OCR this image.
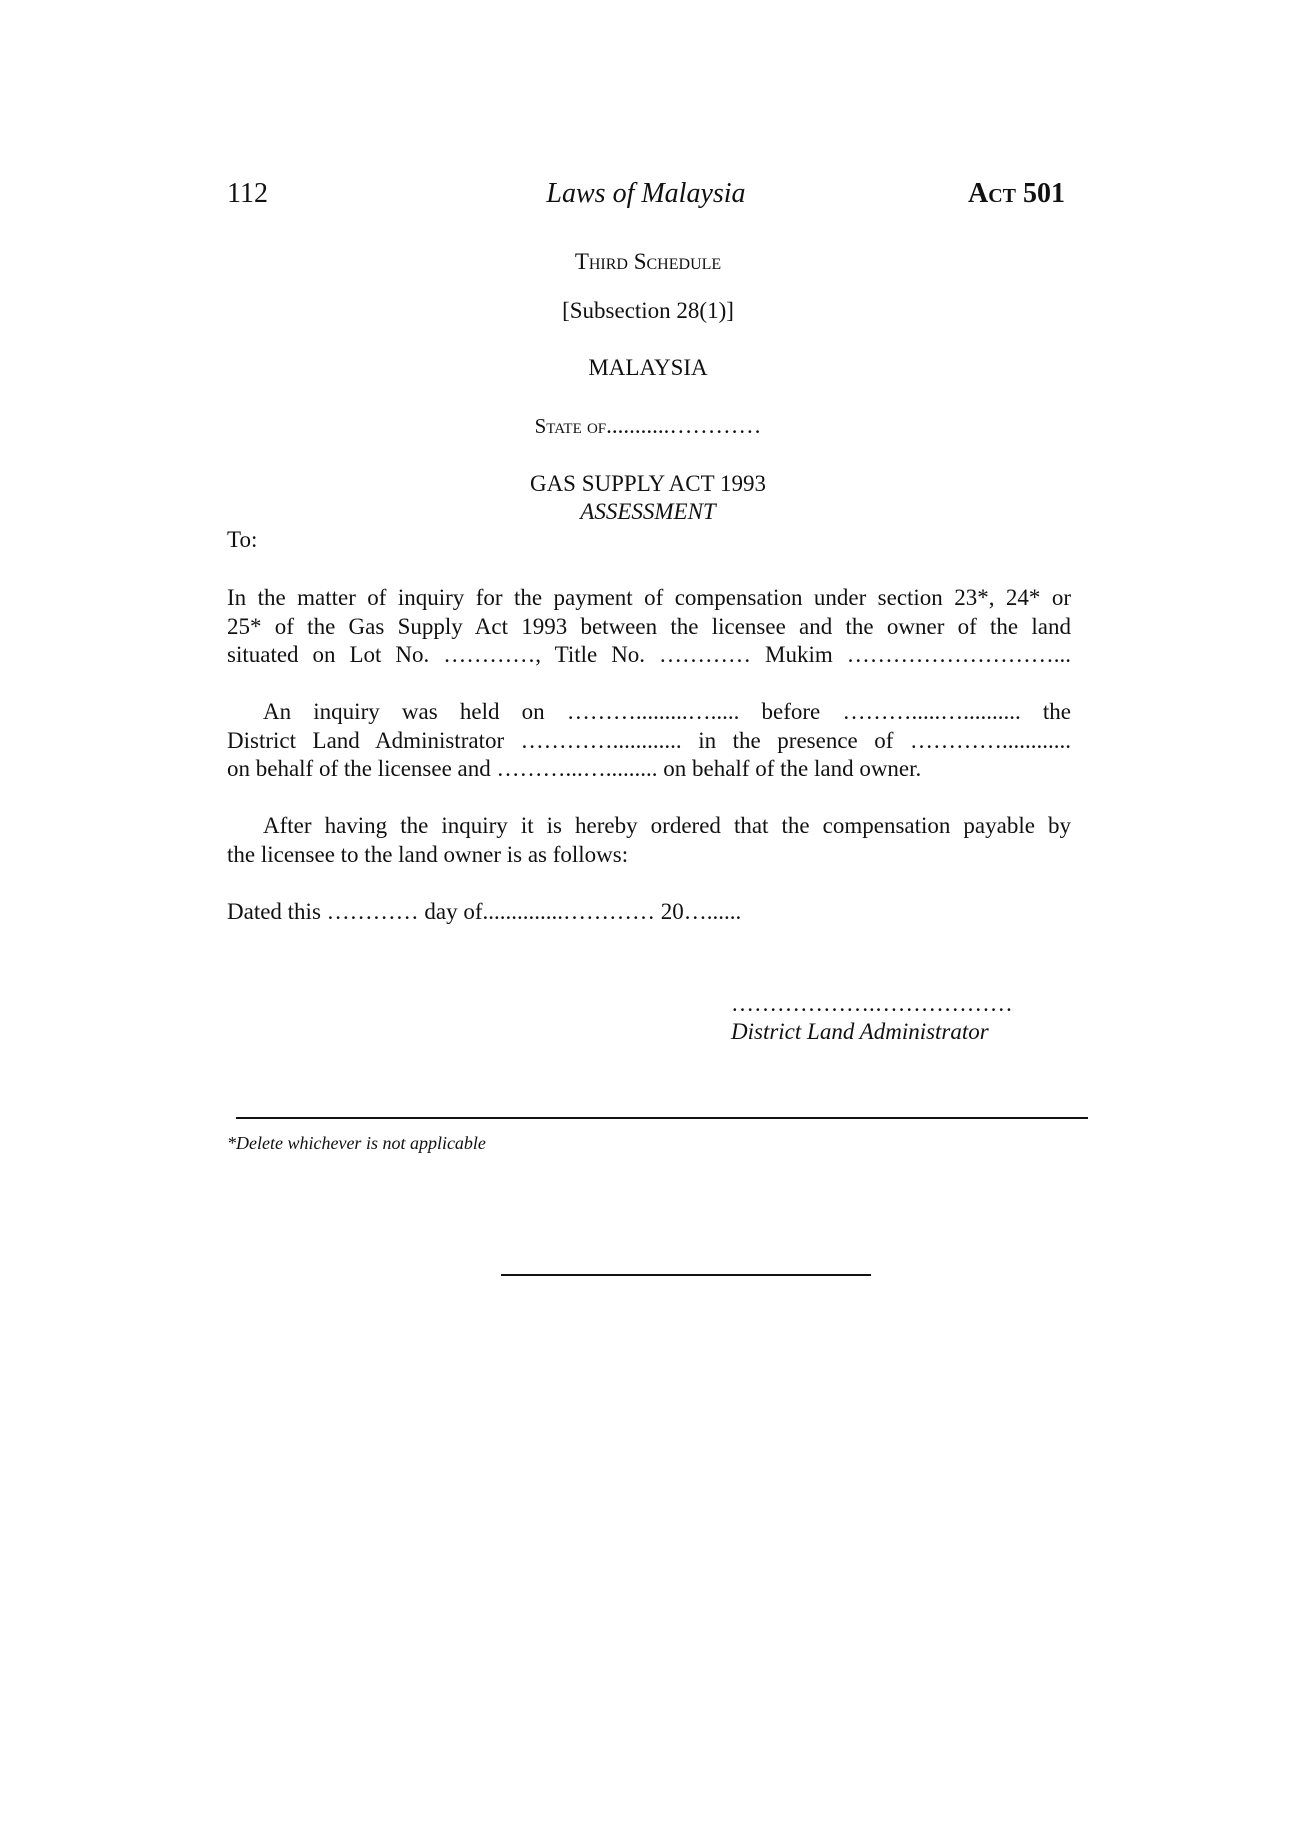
112	Laws of Malaysia	Act 501
Third Schedule
[Subsection 28(1)]
MALAYSIA
State of...........…………
GAS SUPPLY ACT 1993
ASSESSMENT
To:
In the matter of inquiry for the payment of compensation under section 23*, 24* or
25* of the Gas Supply Act 1993 between the licensee and the owner of the land
situated on Lot No. …………, Title No. ………… Mukim ………………………...
An inquiry was held on ……….........…..... before ……….....….......... the
District Land Administrator …………............ in the presence of …………............
on behalf of the licensee and ………...…......... on behalf of the land owner.
After having the inquiry it is hereby ordered that the compensation payable by
the licensee to the land owner is as follows:
Dated this ………… day of..............………… 20…......
……………….………………
District Land Administrator
*Delete whichever is not applicable
